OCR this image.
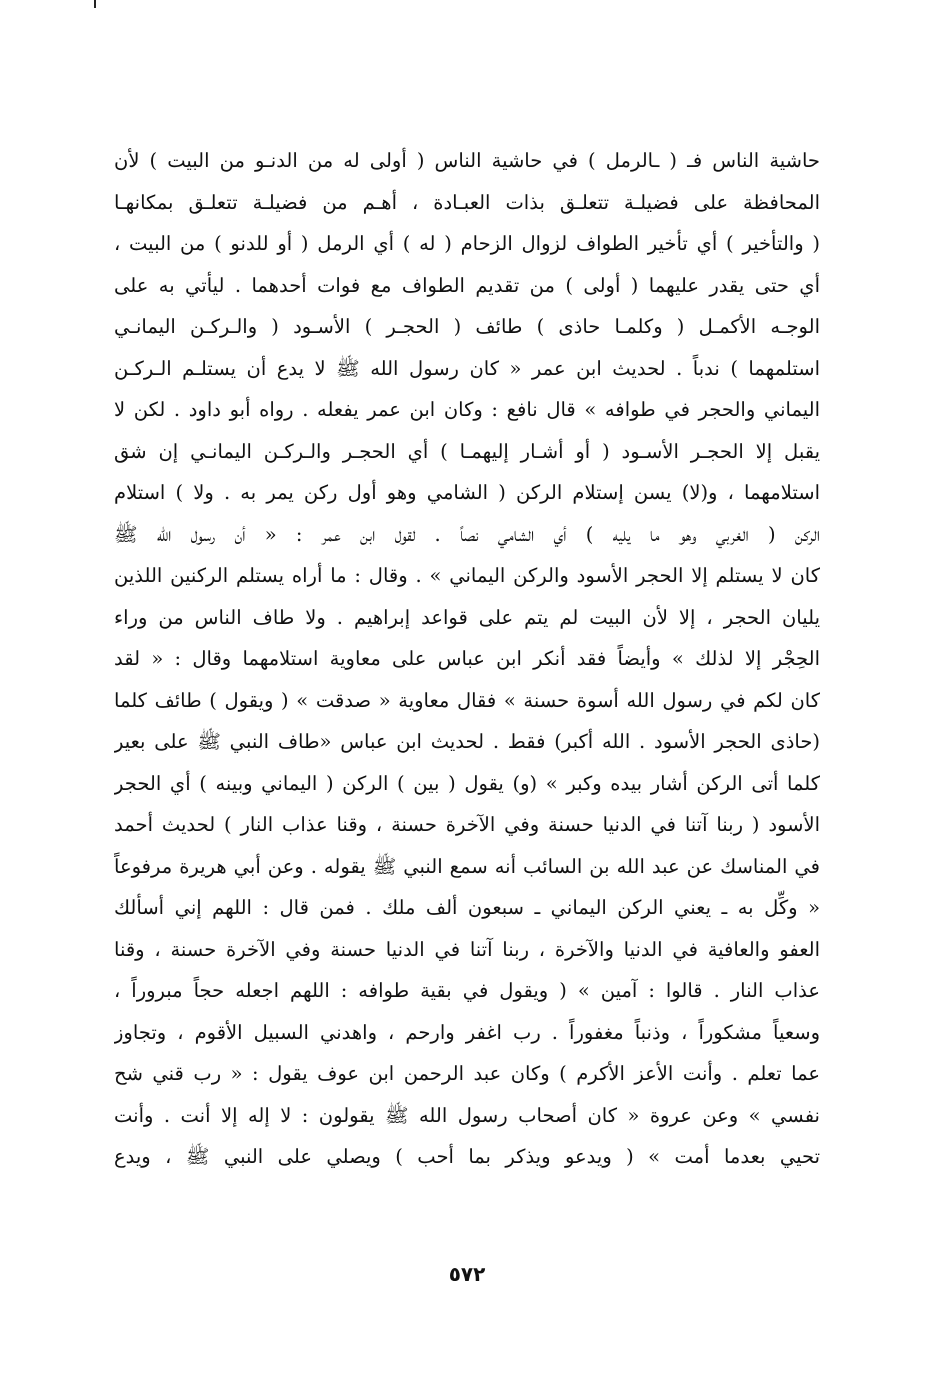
حاشية الناس فـ ( ـالرمل ) في حاشية الناس ( أولى له من الدنـو من البيت ) لأن
المحافظة على فضيلـة تتعلـق بذات العبـادة ، أهـم من فضيلـة تتعلـق بمكانهـا
( والتأخير ) أي تأخير الطواف لزوال الزحام ( له ) أي الرمل ( أو للدنو ) من البيت ،
أي حتى يقدر عليهما ( أولى ) من تقديم الطواف مع فوات أحدهما . ليأتي به على
الوجـه الأكمـل ( وكلمـا حاذى ) طائف ( الحجـر ) الأسـود ( والـركـن اليمانـي
استلمهما ) ندباً . لحديث ابن عمر « كان رسول الله ﷺ لا يدع أن يستلـم الـركـن
اليماني والحجر في طوافه » قال نافع : وكان ابن عمر يفعله . رواه أبو داود . لكن لا
يقبل إلا الحجـر الأسـود ( أو أشـار إليهمـا ) أي الحجـر والـركـن اليمانـي إن شق
استلامهما ، و(لا) يسن إستلام الركن ( الشامي وهو أول ركن يمر به . ولا ) استلام
الركن ( الغربي وهو ما يليه ) أي الشامي نصاً . لقول ابن عمر : « أن رسول الله ﷺ
كان لا يستلم إلا الحجر الأسود والركن اليماني » . وقال : ما أراه يستلم الركنين اللذين
يليان الحجر ، إلا لأن البيت لم يتم على قواعد إبراهيم . ولا طاف الناس من وراء
الحِجْر إلا لذلك » وأيضاً فقد أنكر ابن عباس على معاوية استلامهما وقال : « لقد
كان لكم في رسول الله أسوة حسنة » فقال معاوية « صدقت » ( ويقول ) طائف كلما
(حاذى الحجر الأسود . الله أكبر) فقط . لحديث ابن عباس «طاف النبي ﷺ على بعير
كلما أتى الركن أشار بيده وكبر » (و) يقول ( بين ) الركن ( اليماني وبينه ) أي الحجر
الأسود ( ربنا آتنا في الدنيا حسنة وفي الآخرة حسنة ، وقنا عذاب النار ) لحديث أحمد
في المناسك عن عبد الله بن السائب أنه سمع النبي ﷺ يقوله . وعن أبي هريرة مرفوعاً
« وكِّل به ـ يعني الركن اليماني ـ سبعون ألف ملك . فمن قال : اللهم إني أسألك
العفو والعافية في الدنيا والآخرة ، ربنا آتنا في الدنيا حسنة وفي الآخرة حسنة ، وقنا
عذاب النار . قالوا : آمين » ( ويقول في بقية طوافه : اللهم اجعله حجاً مبروراً ،
وسعياً مشكوراً ، وذنباً مغفوراً . رب اغفر وارحم ، واهدني السبيل الأقوم ، وتجاوز
عما تعلم . وأنت الأعز الأكرم ) وكان عبد الرحمن ابن عوف يقول : « رب قني شح
نفسي » وعن عروة « كان أصحاب رسول الله ﷺ يقولون : لا إله إلا أنت . وأنت
تحيي بعدما أمت » ( ويدعو ويذكر بما أحب ) ويصلي على النبي ﷺ ، ويدع
٥٧٢
